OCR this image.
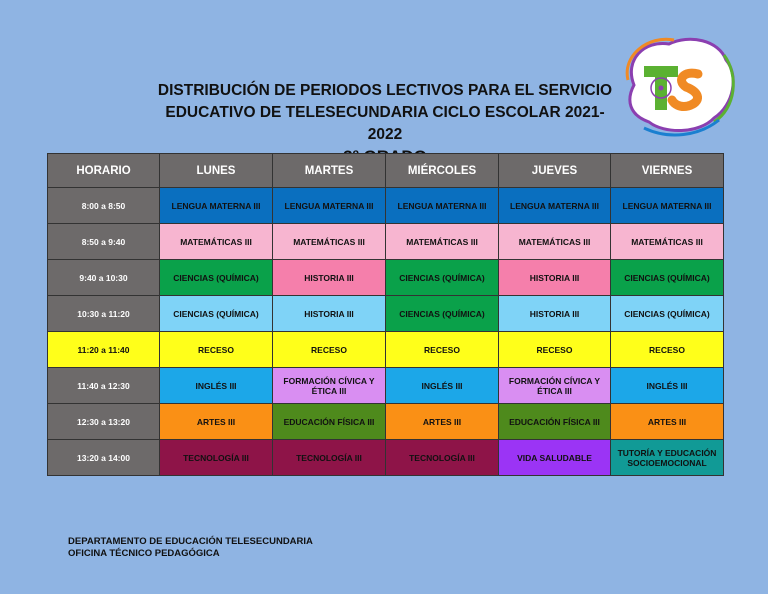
DISTRIBUCIÓN DE PERIODOS LECTIVOS PARA EL SERVICIO
EDUCATIVO DE TELESECUNDARIA CICLO ESCOLAR 2021-2022
HORARIO	LUNES	MARTES	MIÉRCOLES	JUEVES	VIERNES
8:00 a 8:50	LENGUA MATERNA III	LENGUA MATERNA III	LENGUA MATERNA III	LENGUA MATERNA III	LENGUA MATERNA III
8:50 a 9:40	MATEMÁTICAS III	MATEMÁTICAS III	MATEMÁTICAS III	MATEMÁTICAS III	MATEMÁTICAS III
9:40 a 10:30	CIENCIAS (QUÍMICA)	HISTORIA III	CIENCIAS (QUÍMICA)	HISTORIA III	CIENCIAS (QUÍMICA)
10:30 a 11:20	CIENCIAS (QUÍMICA)	HISTORIA III	CIENCIAS (QUÍMICA)	HISTORIA III	CIENCIAS (QUÍMICA)
11:20 a 11:40	RECESO	RECESO	RECESO	RECESO	RECESO
11:40 a 12:30	INGLÉS III	FORMACIÓN CÍVICA Y ÉTICA III	INGLÉS III	FORMACIÓN CÍVICA Y ÉTICA III	INGLÉS III
12:30 a 13:20	ARTES III	EDUCACIÓN FÍSICA III	ARTES III	EDUCACIÓN FÍSICA III	ARTES III
13:20 a 14:00	TECNOLOGÍA III	TECNOLOGÍA III	TECNOLOGÍA III	VIDA SALUDABLE	TUTORÍA Y EDUCACIÓN SOCIOEMOCIONAL
DEPARTAMENTO DE EDUCACIÓN TELESECUNDARIA
OFICINA TÉCNICO PEDAGÓGICA
